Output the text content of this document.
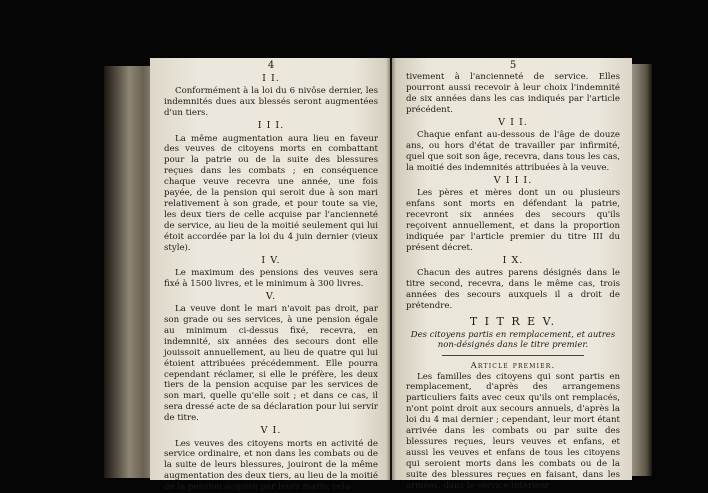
4
I I.

Conformément à la loi du 6 nivôse dernier, les indemnités dues aux blessés seront augmentées d'un tiers.

I I I.

La même augmentation aura lieu en faveur des veuves de citoyens morts en combattant pour la patrie ou de la suite des blessures reçues dans les combats ; en conséquence chaque veuve recevra une année, une fois payée, de la pension qui seroit due à son mari relativement à son grade, et pour toute sa vie, les deux tiers de celle acquise par l'ancienneté de service, au lieu de la moitié seulement qui lui étoit accordée par la loi du 4 juin dernier (vieux style).

I V.

Le maximum des pensions des veuves sera fixé à 1500 livres, et le minimum à 300 livres.

V.

La veuve dont le mari n'avoit pas droit, par son grade ou ses services, à une pension égale au minimum ci-dessus fixé, recevra, en indemnité, six années des secours dont elle jouissoit annuellement, au lieu de quatre qui lui étoient attribuées précédemment. Elle pourra cependant réclamer, si elle le préfère, les deux tiers de la pension acquise par les services de son mari, quelle qu'elle soit ; et dans ce cas, il sera dressé acte de sa déclaration pour lui servir de titre.

V I.

Les veuves des citoyens morts en activité de service ordinaire, et non dans les combats ou de la suite de leurs blessures, jouiront de la même augmentation des deux tiers, au lieu de la moitié de la pension acquise par leurs maris, rela-

5

tivement à l'ancienneté de service. Elles pourront aussi recevoir à leur choix l'indemnité de six années dans les cas indiqués par l'article précédent.

V I I.

Chaque enfant au-dessous de l'âge de douze ans, ou hors d'état de travailler par infirmité, quel que soit son âge, recevra, dans tous les cas, la moitié des indemnités attribuées à la veuve.

V I I I.

Les pères et mères dont un ou plusieurs enfans sont morts en défendant la patrie, recevront six années des secours qu'ils reçoivent annuellement, et dans la proportion indiquée par l'article premier du titre III du présent décret.

I X.

Chacun des autres parens désignés dans le titre second, recevra, dans le même cas, trois années des secours auxquels il a droit de prétendre.

T I T R E V.
Des citoyens partis en remplacement, et autres non-désignés dans le titre premier.
Article premier.

Les familles des citoyens qui sont partis en remplacement, d'après des arrangemens particuliers faits avec ceux qu'ils ont remplacés, n'ont point droit aux secours annuels, d'après la loi du 4 mai dernier ; cependant, leur mort étant arrivée dans les combats ou par suite des blessures reçues, leurs veuves et enfans, et aussi les veuves et enfans de tous les citoyens qui seroient morts dans les combats ou de la suite des blessures reçues en faisant, dans les armées, dans le service intérieur
